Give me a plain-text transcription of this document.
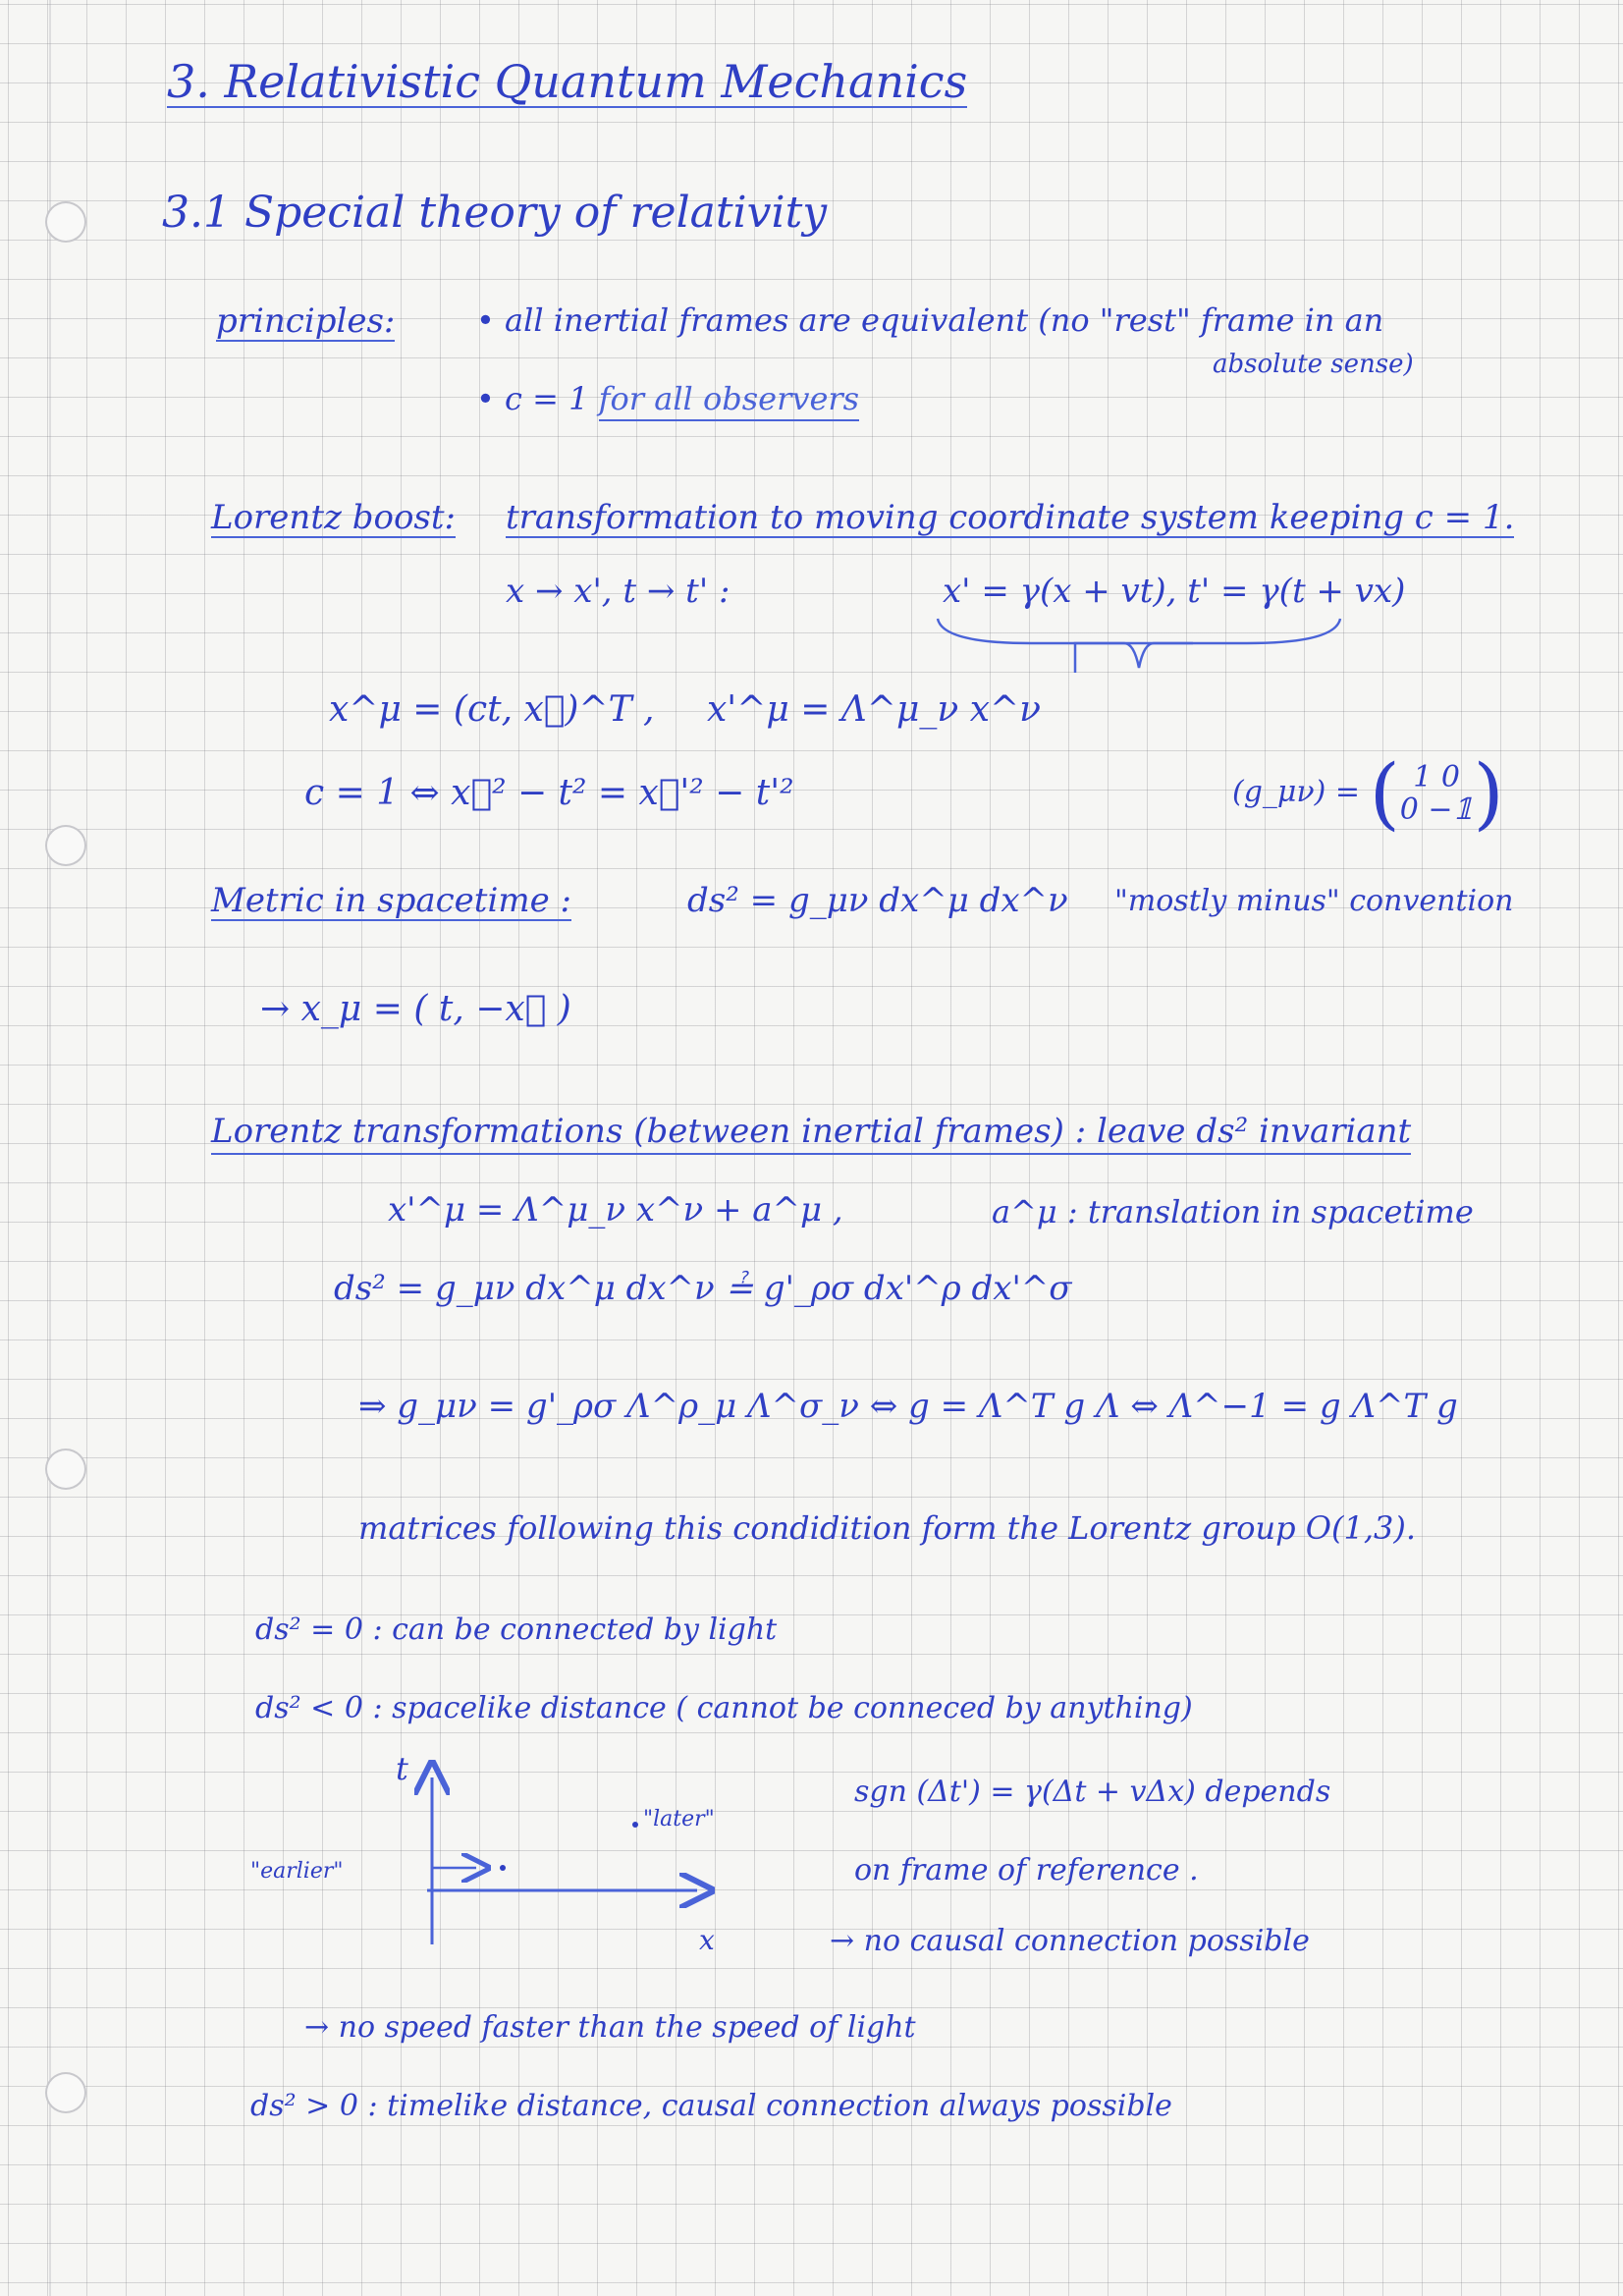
3. Relativistic Quantum Mechanics
3.1 Special theory of relativity
principles:	• all inertial frames are equivalent (no "rest" frame in an
absolute sense)
• c = 1 for all observers
Lorentz boost: transformation to moving coordinate system keeping c = 1.
x → x', t → t' :	x' = γ(x + vt), t' = γ(t + vx)
x^μ = (ct, x⃗)^T , x'^μ = Λ^μ_ν x^ν
c = 1 ⇔ x⃗² − t² = x⃗'² − t'²	(g_μν) = ( 1 0
0 −𝟙)
Metric in spacetime :	ds² = g_μν dx^μ dx^ν "mostly minus" convention
→ x_μ = ( t, −x⃗ )
Lorentz transformations (between inertial frames) : leave ds² invariant
x'^μ = Λ^μ_ν x^ν + a^μ ,	a^μ : translation in spacetime
ds² = g_μν dx^μ dx^ν ≟ g'_ρσ dx'^ρ dx'^σ
⇒ g_μν = g'_ρσ Λ^ρ_μ Λ^σ_ν ⇔ g = Λ^T g Λ ⇔ Λ^−1 = g Λ^T g
matrices following this condidition form the Lorentz group O(1,3).
ds² = 0 : can be connected by light
ds² < 0 : spacelike distance ( cannot be conneced by anything)
t
x
"earlier"
"later"
sgn (Δt') = γ(Δt + vΔx) depends
on frame of reference .
→ no causal connection possible
→ no speed faster than the speed of light
ds² > 0 : timelike distance, causal connection always possible
